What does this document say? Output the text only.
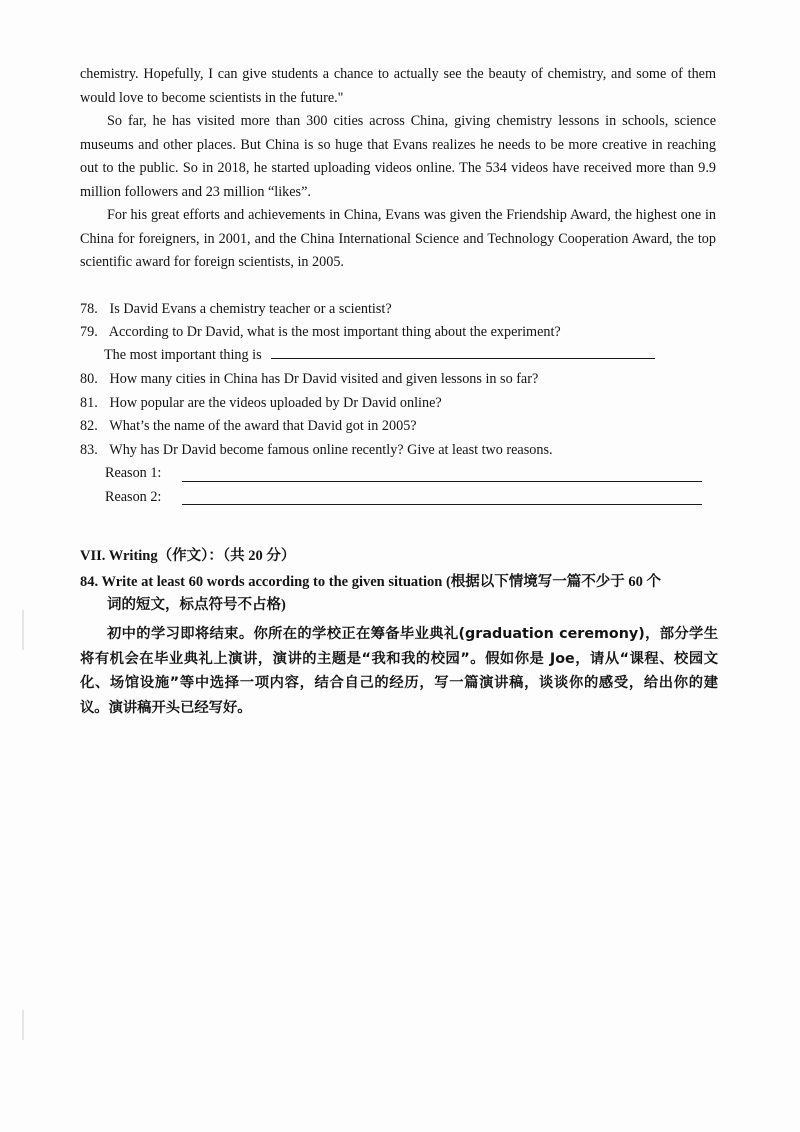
chemistry. Hopefully, I can give students a chance to actually see the beauty of chemistry, and some of them would love to become scientists in the future."

So far, he has visited more than 300 cities across China, giving chemistry lessons in schools, science museums and other places. But China is so huge that Evans realizes he needs to be more creative in reaching out to the public. So in 2018, he started uploading videos online. The 534 videos have received more than 9.9 million followers and 23 million “likes”.

For his great efforts and achievements in China, Evans was given the Friendship Award, the highest one in China for foreigners, in 2001, and the China International Science and Technology Cooperation Award, the top scientific award for foreign scientists, in 2005.

78. Is David Evans a chemistry teacher or a scientist?
79. According to Dr David, what is the most important thing about the experiment?
The most important thing is
80. How many cities in China has Dr David visited and given lessons in so far?
81. How popular are the videos uploaded by Dr David online?
82. What’s the name of the award that David got in 2005?
83. Why has Dr David become famous online recently? Give at least two reasons.
Reason 1:
Reason 2:
VII. Writing（作文）：（共 20 分）
84. Write at least 60 words according to the given situation (根据以下情境写一篇不少于 60 个
词的短文，标点符号不占格)
初中的学习即将结束。你所在的学校正在筹备毕业典礼(graduation ceremony)，部分学生将有机会在毕业典礼上演讲，演讲的主题是“我和我的校园”。假如你是 Joe，请从“课程、校园文化、场馆设施”等中选择一项内容，结合自己的经历，写一篇演讲稿，谈谈你的感受，给出你的建议。演讲稿开头已经写好。
